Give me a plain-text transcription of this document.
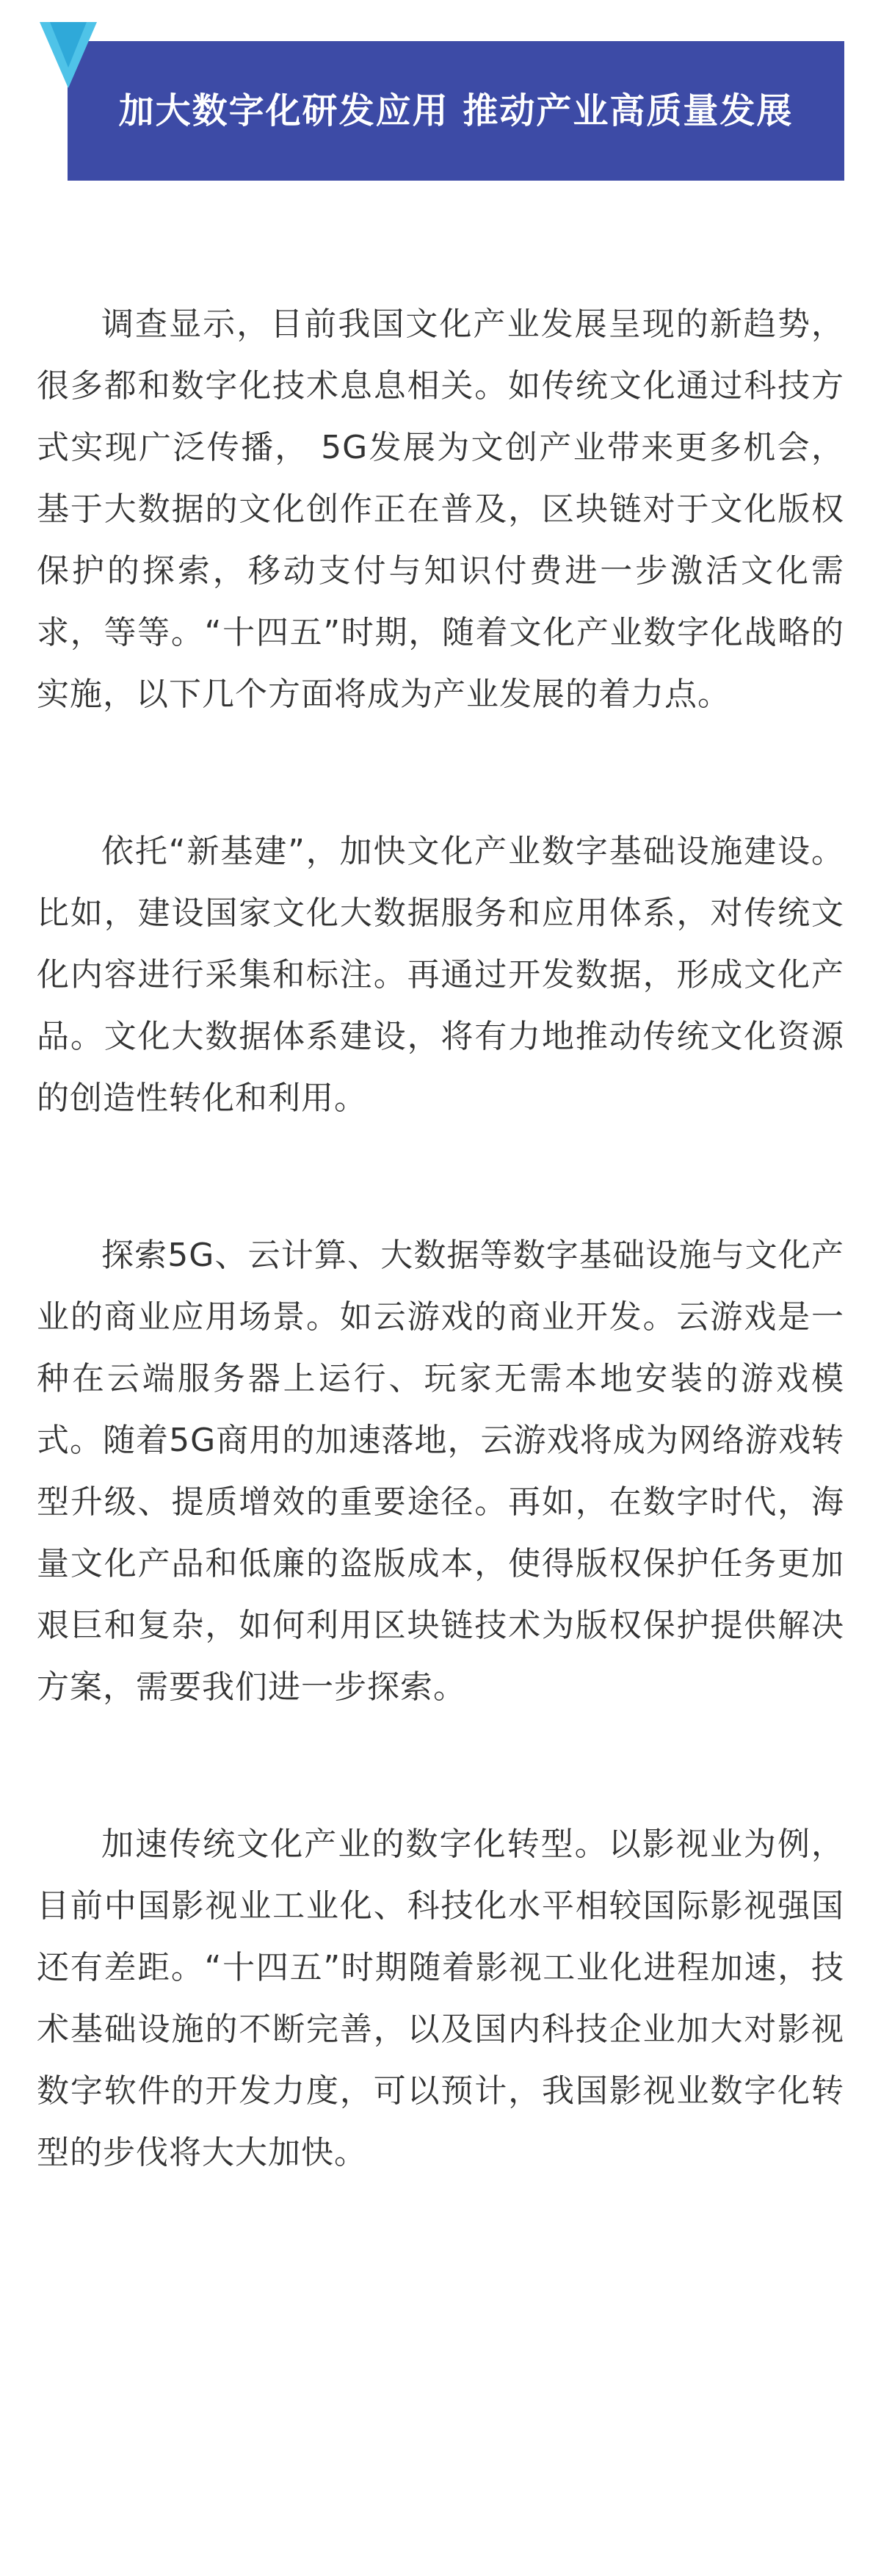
加大数字化研发应用 推动产业高质量发展

调查显示，目前我国文化产业发展呈现的新趋势，很多都和数字化技术息息相关。如传统文化通过科技方式实现广泛传播， 5G发展为文创产业带来更多机会，基于大数据的文化创作正在普及，区块链对于文化版权保护的探索，移动支付与知识付费进一步激活文化需求，等等。“十四五”时期，随着文化产业数字化战略的实施，以下几个方面将成为产业发展的着力点。

依托“新基建”，加快文化产业数字基础设施建设。比如，建设国家文化大数据服务和应用体系，对传统文化内容进行采集和标注。再通过开发数据，形成文化产品。文化大数据体系建设，将有力地推动传统文化资源的创造性转化和利用。

探索5G、云计算、大数据等数字基础设施与文化产业的商业应用场景。如云游戏的商业开发。云游戏是一种在云端服务器上运行、玩家无需本地安装的游戏模式。随着5G商用的加速落地，云游戏将成为网络游戏转型升级、提质增效的重要途径。再如，在数字时代，海量文化产品和低廉的盗版成本，使得版权保护任务更加艰巨和复杂，如何利用区块链技术为版权保护提供解决方案，需要我们进一步探索。

加速传统文化产业的数字化转型。以影视业为例，目前中国影视业工业化、科技化水平相较国际影视强国还有差距。“十四五”时期随着影视工业化进程加速，技术基础设施的不断完善，以及国内科技企业加大对影视数字软件的开发力度，可以预计，我国影视业数字化转型的步伐将大大加快。
